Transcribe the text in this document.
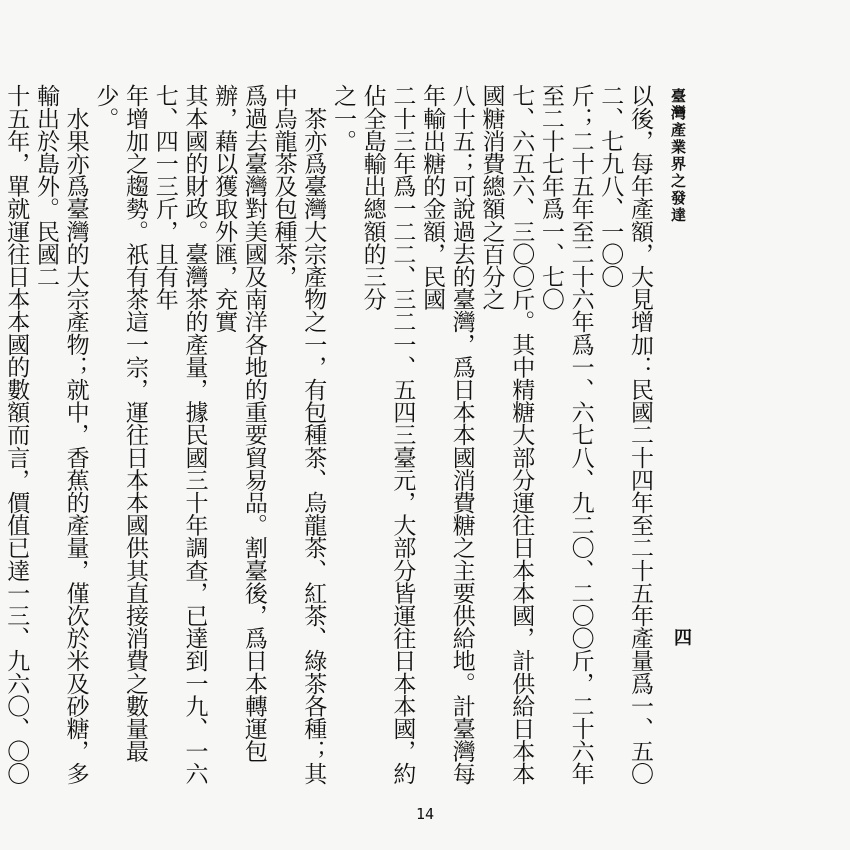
臺灣產業界之發達
四
以後，每年產額，大見增加：民國二十四年至二十五年產量爲一、五〇二、七九八、一〇〇
斤；二十五年至二十六年爲一、六七八、九二〇、二〇〇斤，二十六年至二十七年爲一、七〇
七、六五六、三〇〇斤。其中精糖大部分運往日本本國，計供給日本本國糖消費總額之百分之
八十五；可說過去的臺灣，爲日本本國消費糖之主要供給地。計臺灣每年輸出糖的金額，民國
二十三年爲一二二、三二一、五四三臺元，大部分皆運往日本本國，約佔全島輸出總額的三分
之一。
　茶亦爲臺灣大宗產物之一，有包種茶、烏龍茶、紅茶、綠茶各種；其中烏龍茶及包種茶，
爲過去臺灣對美國及南洋各地的重要貿易品。割臺後，爲日本轉運包辦，藉以獲取外匯，充實
其本國的財政。臺灣茶的產量，據民國三十年調查，已達到一九、一六七、四一三斤，且有年
年增加之趨勢。祇有茶這一宗，運往日本本國供其直接消費之數量最少。
　水果亦爲臺灣的大宗產物；就中，香蕉的產量，僅次於米及砂糖，多輸出於島外。民國二
十五年，單就運往日本本國的數額而言，價值已達一三、九六〇、〇〇
14
